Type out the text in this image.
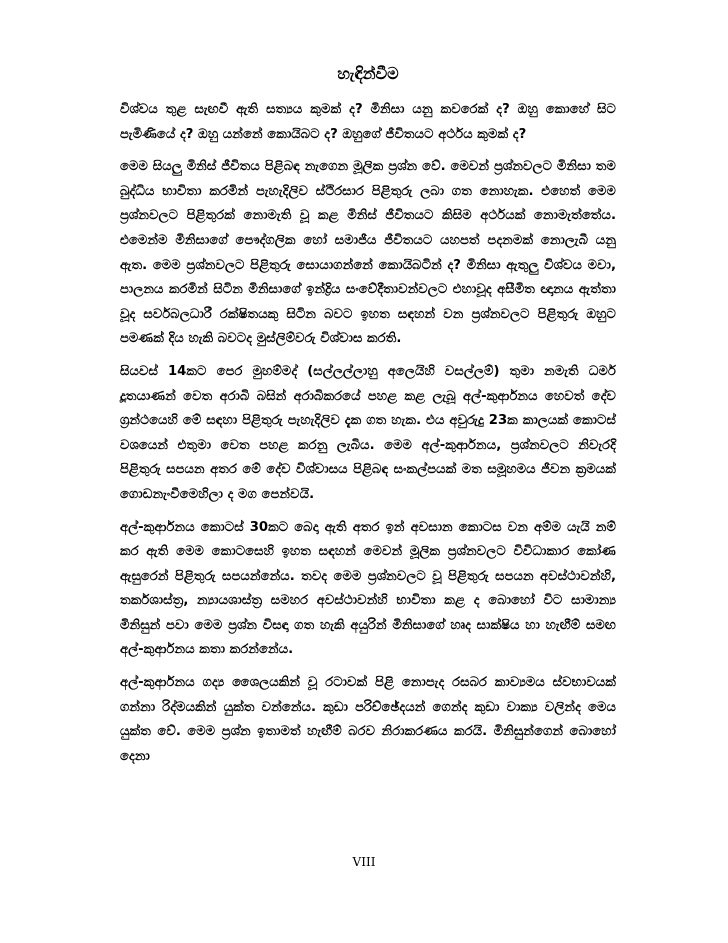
හැඳින්වීම

විශ්වය තුළ සැඟවී ඇති සත්‍යය කුමක් ද? මිනිසා යනු කවරෙක් ද? ඔහු කොහේ සිට පැමිණියේ ද? ඔහු යන්නේ කොයිබට ද? ඔහුගේ ජීවිතයට අර්ථය කුමක් ද?

මෙම සියලු මිනිස් ජීවිතය පිළිබඳ නැගෙන මූලික ප්‍රශ්න වේ. මෙවන් ප්‍රශ්නවලට මිනිසා තම බුද්ධිය භාවිතා කරමින් පැහැදිලිව ස්ථිරසාර පිළිතුරු ලබා ගත නොහැක. එහෙත් මෙම ප්‍රශ්නවලට පිළිතුරක් නොමැති වූ කළ මිනිස් ජීවිතයට කිසිම අර්ථයක් නොමැත්තේය. එමෙන්ම මිනිසාගේ පෞද්ගලික හෝ සමාජීය ජීවිතයට යහපත් පදනමක් නොලැබී යනු ඇත. මෙම ප්‍රශ්නවලට පිළිතුරු සොයාගන්නේ කොයිබටින් ද? මිනිසා ඇතුලු විශ්වය මවා, පාලනය කරමින් සිටින මිනිසාගේ ඉන්ද්‍රිය සංවේදීතාවන්වලට එහාවූද අසීමිත ඥානය ඇත්තා වූද සර්වබලධාරී රක්ෂිතයකු සිටින බවට ඉහත සඳහන් වන ප්‍රශ්නවලට පිළිතුරු ඔහුට පමණක් දිය හැකි බවටද මුස්ලිම්වරු විශ්වාස කරති.

සියවස් 14කට පෙර මුහම්මද් (සල්ලල්ලාහු අලෙයිහි වසල්ලම්) තුමා නමැති ධර්ම දූතයාණන් වෙත අරාබි බසින් අරාබිකරයේ පහළ කළ ලැබූ අල්-කුර්ආනය හෙවත් දේව ග්‍රන්ථයෙහි මේ සඳහා පිළිතුරු පැහැදිලිව දැක ගත හැක. එය අවුරුදු 23ක කාලයක් කොටස් වශයෙන් එතුමා වෙත පහළ කරනු ලැබිය. මෙම අල්-කුර්ආනය, ප්‍රශ්නවලට නිවැරදි පිළිතුරු සපයන අතර මේ දේව විශ්වාසය පිළිබඳ සංකල්පයක් මත සමූහමය ජීවන ක්‍රමයක් ගොඩනැංවීමෙහිලා ද මග පෙන්වයි.

අල්-කුර්ආනය කොටස් 30කට බෙදා ඇති අතර ඉන් අවසාන කොටස වන අම්ම යැයි නම් කර ඇති මෙම කොටසෙහි ඉහත සඳහන් මෙවන් මූලික ප්‍රශ්නවලට විවිධාකාර කෝණ ඇසුරෙන් පිළිතුරු සපයන්නේය. තවද මෙම ප්‍රශ්නවලට වූ පිළිතුරු සපයන අවස්ථාවන්හි, තර්කශාස්ත්‍ර, න්‍යායශාස්ත්‍ර සමහර අවස්ථාවන්හි භාවිතා කළ ද බොහෝ විට සාමාන්‍ය මිනිසුන් පවා මෙම ප්‍රශ්න විසඳා ගත හැකි අයුරින් මිනිසාගේ හෘද සාක්ෂිය හා හැඟීම් සමඟ අල්-කුර්ආනය කතා කරන්නේය.

අල්-කුර්ආනය ගද්‍ය ශෛලයකින් වූ රටාවක් පිළි නොපැද රසබර කාව්‍යමය ස්වභාවයක් ගන්නා රිද්මයකින් යුක්ත වන්නේය. කුඩා පරිච්ඡේදයන් ගෙන්ද කුඩා වාක්‍ය වලින්ද මෙය යුක්ත වේ. මෙම ප්‍රශ්න ඉතාමත් හැඟීම් බරව නිරාකරණය කරයි. මිනිසුන්ගෙන් බොහෝ දෙනා

VIII
